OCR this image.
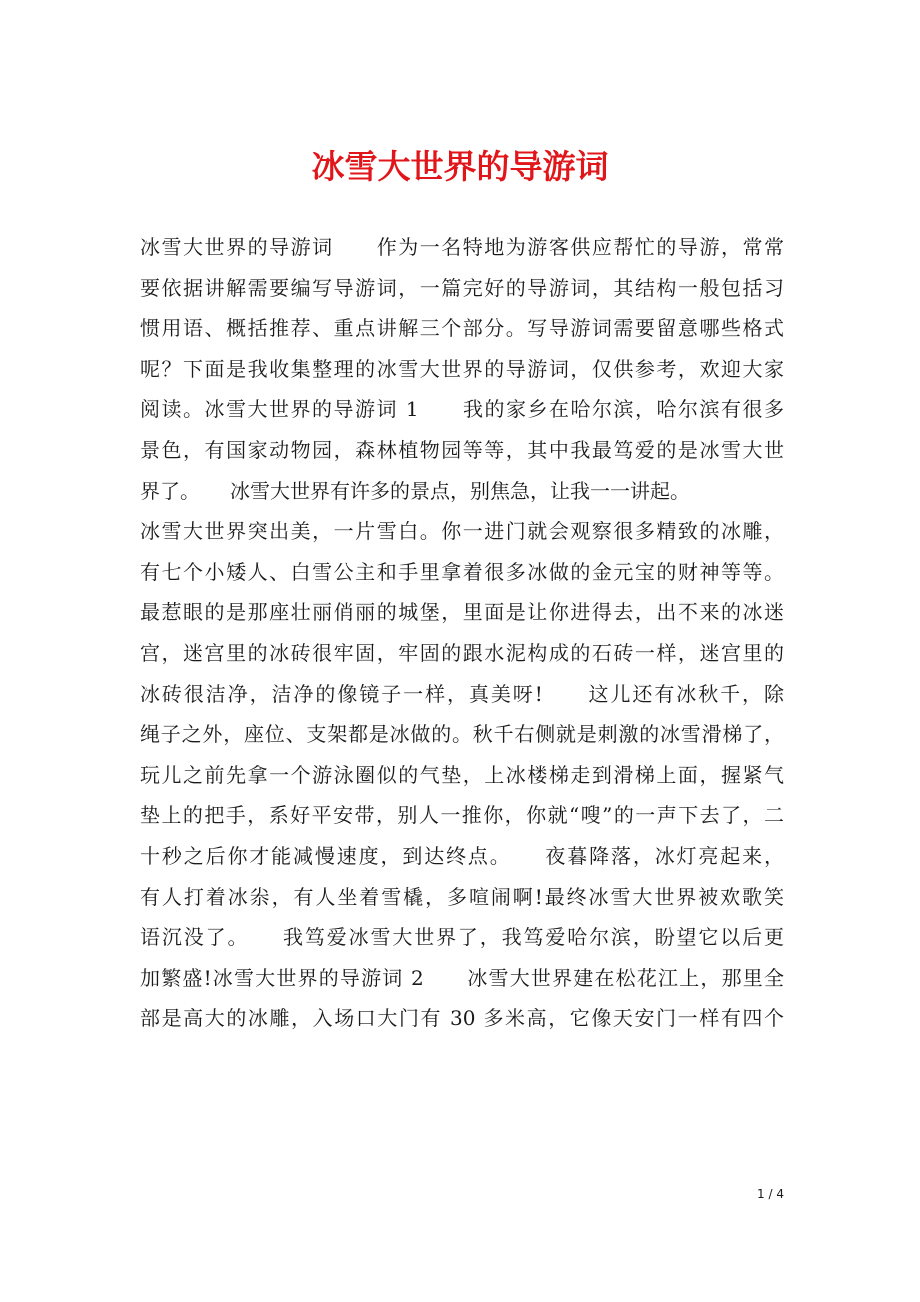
冰雪大世界的导游词
冰雪大世界的导游词　　作为一名特地为游客供应帮忙的导游，常常
要依据讲解需要编写导游词，一篇完好的导游词，其结构一般包括习
惯用语、概括推荐、重点讲解三个部分。写导游词需要留意哪些格式
呢？下面是我收集整理的冰雪大世界的导游词，仅供参考，欢迎大家
阅读。冰雪大世界的导游词 1　　我的家乡在哈尔滨，哈尔滨有很多
景色，有国家动物园，森林植物园等等，其中我最笃爱的是冰雪大世
界了。　　冰雪大世界有许多的景点，别焦急，让我一一讲起。
冰雪大世界突出美，一片雪白。你一进门就会观察很多精致的冰雕，
有七个小矮人、白雪公主和手里拿着很多冰做的金元宝的财神等等。
最惹眼的是那座壮丽俏丽的城堡，里面是让你进得去，出不来的冰迷
宫，迷宫里的冰砖很牢固，牢固的跟水泥构成的石砖一样，迷宫里的
冰砖很洁净，洁净的像镜子一样，真美呀!　　这儿还有冰秋千，除
绳子之外，座位、支架都是冰做的。秋千右侧就是刺激的冰雪滑梯了，
玩儿之前先拿一个游泳圈似的气垫，上冰楼梯走到滑梯上面，握紧气
垫上的把手，系好平安带，别人一推你，你就“嗖”的一声下去了，二
十秒之后你才能减慢速度，到达终点。　　夜暮降落，冰灯亮起来，
有人打着冰尜，有人坐着雪橇，多喧闹啊!最终冰雪大世界被欢歌笑
语沉没了。　　我笃爱冰雪大世界了，我笃爱哈尔滨，盼望它以后更
加繁盛!冰雪大世界的导游词 2　　冰雪大世界建在松花江上，那里全
部是高大的冰雕，入场口大门有 30 多米高，它像天安门一样有四个
1 / 4
